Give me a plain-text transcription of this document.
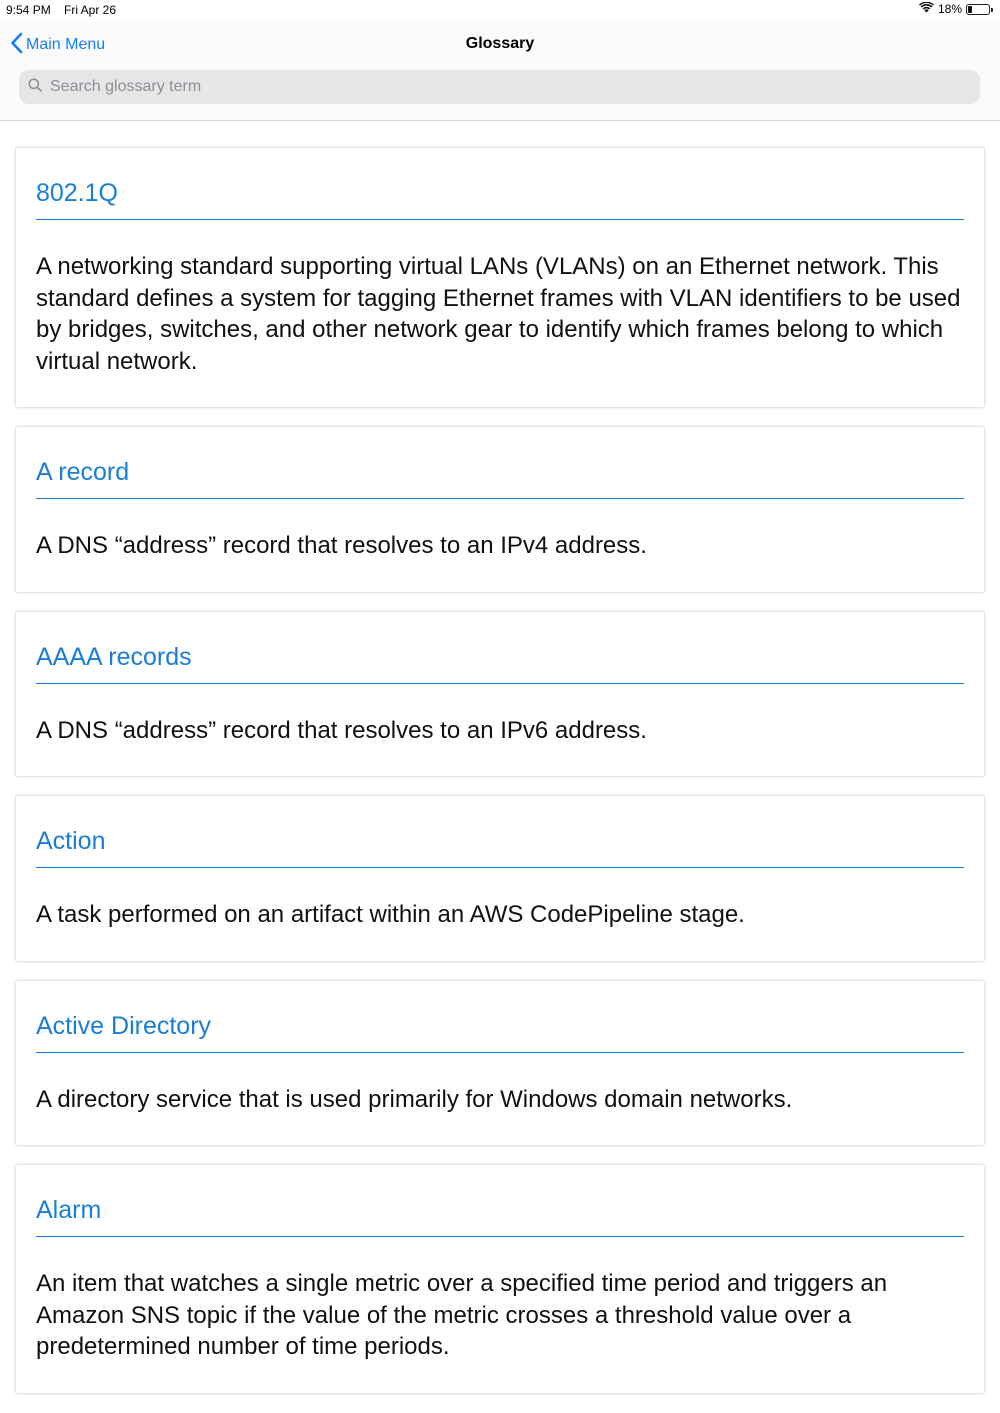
9:54 PM Fri Apr 26	18%
Main Menu	Glossary
Search glossary term
802.1Q
A networking standard supporting virtual LANs (VLANs) on an Ethernet network. This standard defines a system for tagging Ethernet frames with VLAN identifiers to be used by bridges, switches, and other network gear to identify which frames belong to which virtual network.
A record
A DNS “address” record that resolves to an IPv4 address.
AAAA records
A DNS “address” record that resolves to an IPv6 address.
Action
A task performed on an artifact within an AWS CodePipeline stage.
Active Directory
A directory service that is used primarily for Windows domain networks.
Alarm
An item that watches a single metric over a specified time period and triggers an Amazon SNS topic if the value of the metric crosses a threshold value over a predetermined number of time periods.
